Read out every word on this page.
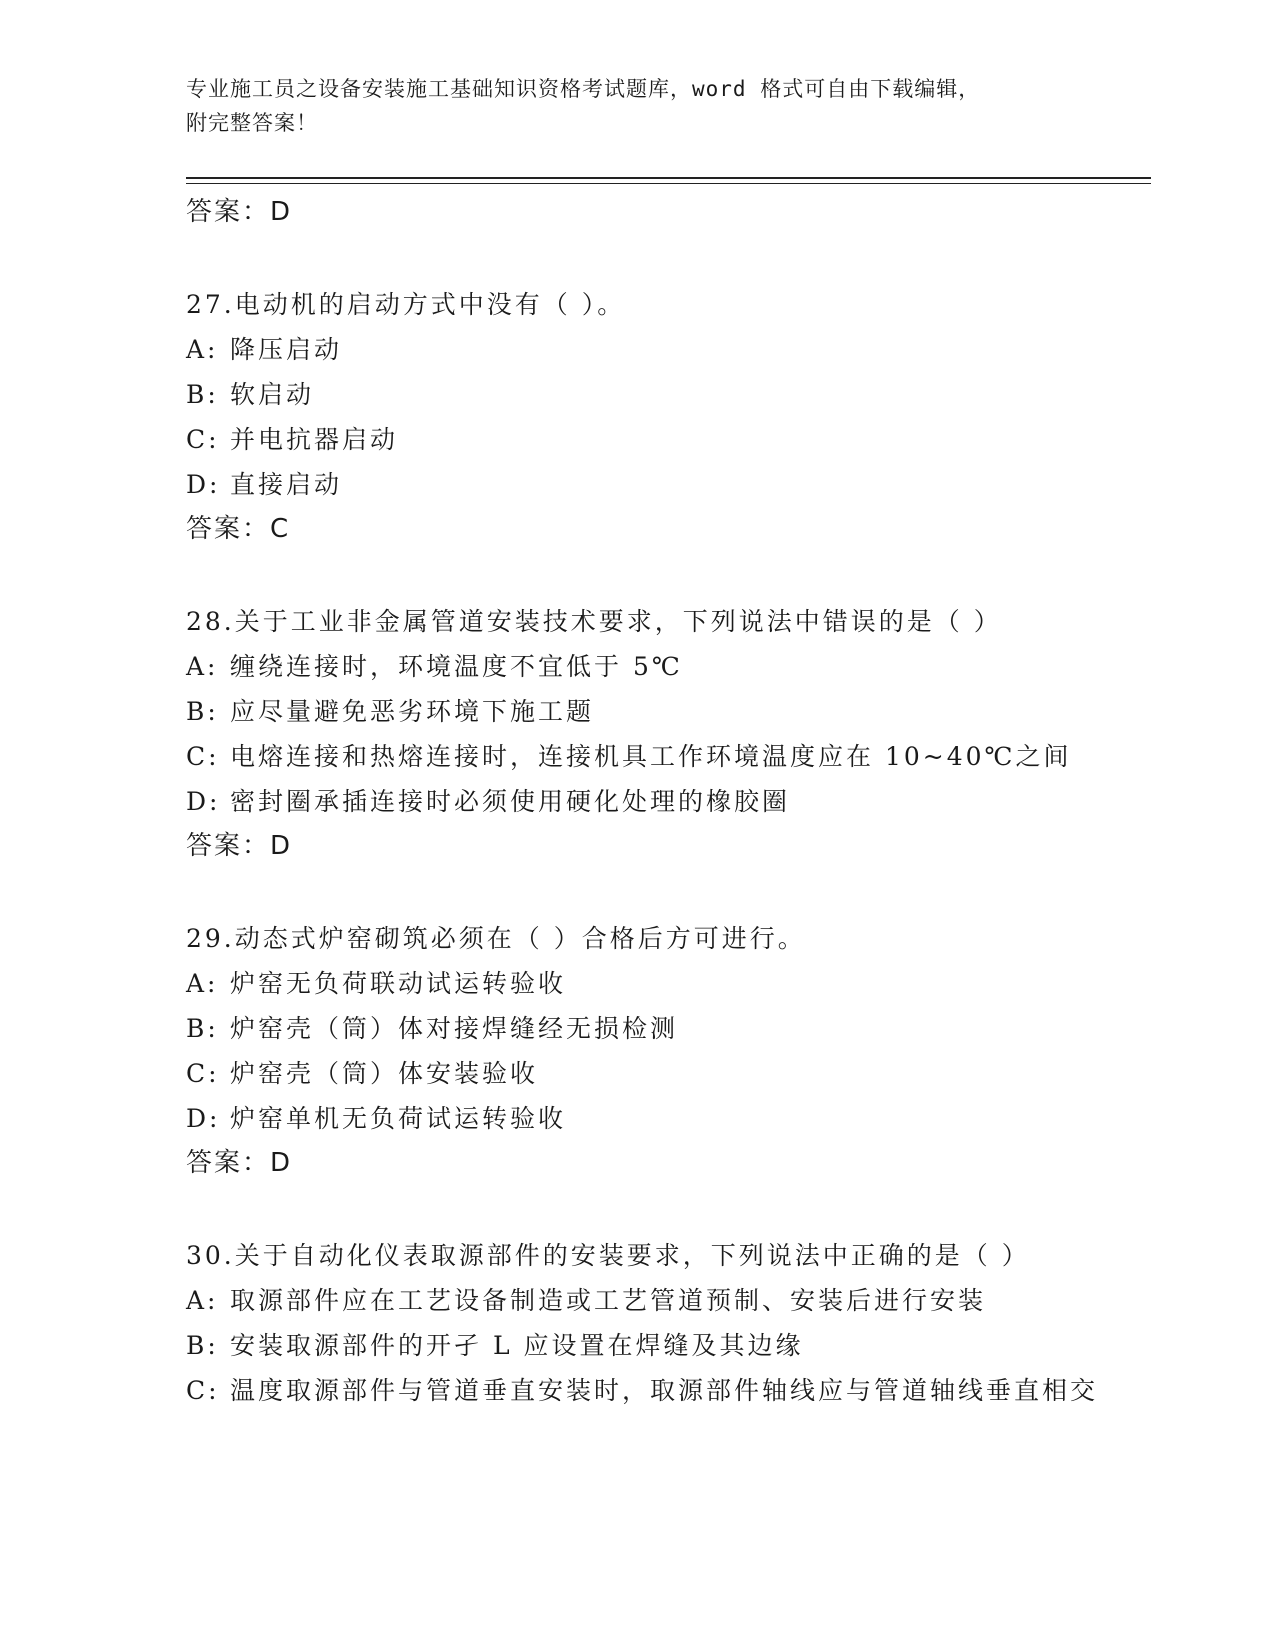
专业施工员之设备安装施工基础知识资格考试题库，word 格式可自由下载编辑，
附完整答案！
答案：D
27.电动机的启动方式中没有（ ）。
A: 降压启动
B: 软启动
C: 并电抗器启动
D: 直接启动
答案：C
28.关于工业非金属管道安装技术要求，下列说法中错误的是（ ）
A: 缠绕连接时，环境温度不宜低于 5℃
B: 应尽量避免恶劣环境下施工题
C: 电熔连接和热熔连接时，连接机具工作环境温度应在 10~40℃之间
D: 密封圈承插连接时必须使用硬化处理的橡胶圈
答案：D
29.动态式炉窑砌筑必须在（ ）合格后方可进行。
A: 炉窑无负荷联动试运转验收
B: 炉窑壳（筒）体对接焊缝经无损检测
C: 炉窑壳（筒）体安装验收
D: 炉窑单机无负荷试运转验收
答案：D
30.关于自动化仪表取源部件的安装要求，下列说法中正确的是（ ）
A: 取源部件应在工艺设备制造或工艺管道预制、安装后进行安装
B: 安装取源部件的开孑 L 应设置在焊缝及其边缘
C: 温度取源部件与管道垂直安装时，取源部件轴线应与管道轴线垂直相交
